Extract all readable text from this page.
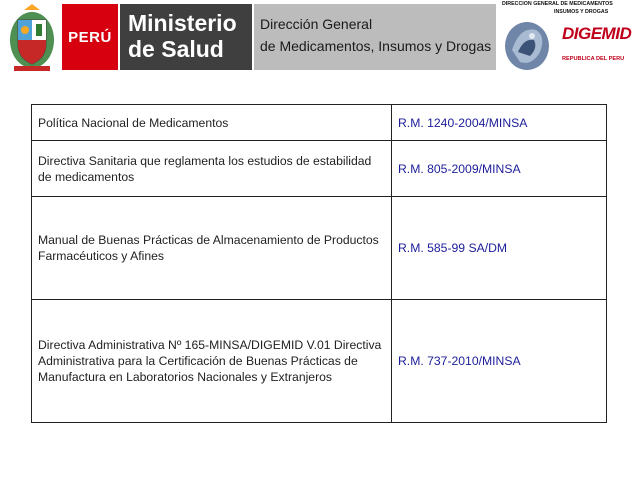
PERÚ
Ministerio
de Salud
Dirección General
de Medicamentos, Insumos y Drogas
DIRECCION GENERAL DE MEDICAMENTOS
INSUMOS Y DROGAS
DIGEMID
REPUBLICA DEL PERU
Política Nacional de Medicamentos	R.M. 1240-2004/MINSA
Directiva Sanitaria que reglamenta los estudios de estabilidad de medicamentos	R.M. 805-2009/MINSA
Manual de Buenas Prácticas de Almacenamiento de Productos Farmacéuticos y Afines	R.M. 585-99 SA/DM
Directiva Administrativa Nº 165-MINSA/DIGEMID V.01 Directiva Administrativa para la Certificación de Buenas Prácticas de Manufactura en Laboratorios Nacionales y Extranjeros	R.M. 737-2010/MINSA
